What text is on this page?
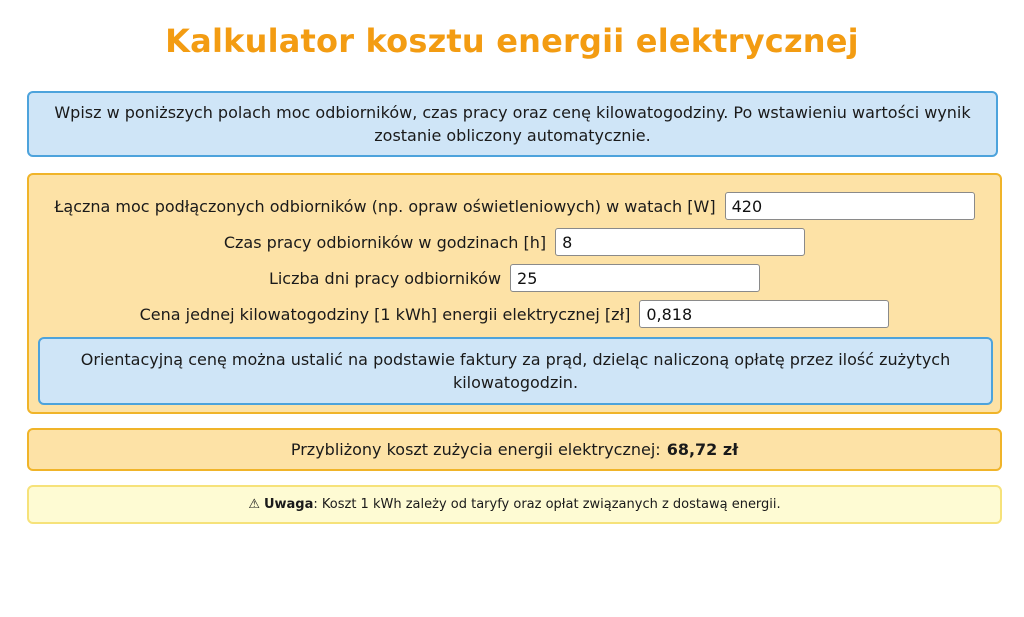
Kalkulator kosztu energii elektrycznej
Wpisz w poniższych polach moc odbiorników, czas pracy oraz cenę kilowatogodziny. Po wstawieniu wartości wynik zostanie obliczony automatycznie.
Łączna moc podłączonych odbiorników (np. opraw oświetleniowych) w watach [W]
420
Czas pracy odbiorników w godzinach [h]
8
Liczba dni pracy odbiorników
25
Cena jednej kilowatogodziny [1 kWh] energii elektrycznej [zł]
0,818
Orientacyjną cenę można ustalić na podstawie faktury za prąd, dzieląc naliczoną opłatę przez ilość zużytych kilowatogodzin.
Przybliżony koszt zużycia energii elektrycznej: 68,72 zł
⚠ Uwaga : Koszt 1 kWh zależy od taryfy oraz opłat związanych z dostawą energii.
